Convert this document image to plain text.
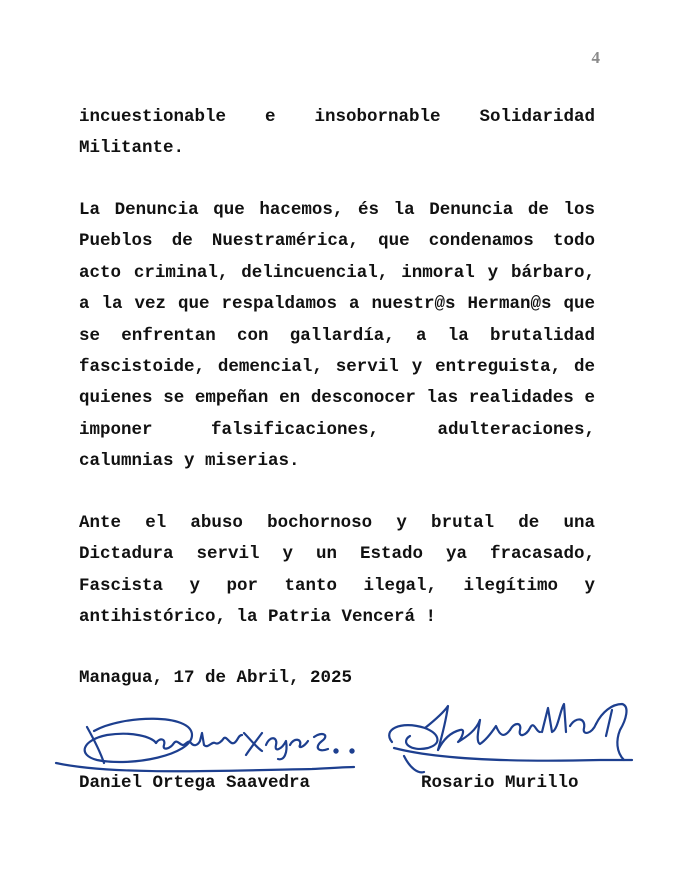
4

incuestionable e insobornable Solidaridad Militante.

La Denuncia que hacemos, és la Denuncia de los Pueblos de Nuestramérica, que condenamos todo acto criminal, delincuencial, inmoral y bárbaro, a la vez que respaldamos a nuestr@s Herman@s que se enfrentan con gallardía, a la brutalidad fascistoide, demencial, servil y entreguista, de quienes se empeñan en desconocer las realidades e imponer falsificaciones, adulteraciones, calumnias y miserias.

Ante el abuso bochornoso y brutal de una Dictadura servil y un Estado ya fracasado, Fascista y por tanto ilegal, ilegítimo y antihistórico, la Patria Vencerá !

Managua, 17 de Abril, 2025

Daniel Ortega Saavedra	Rosario Murillo
